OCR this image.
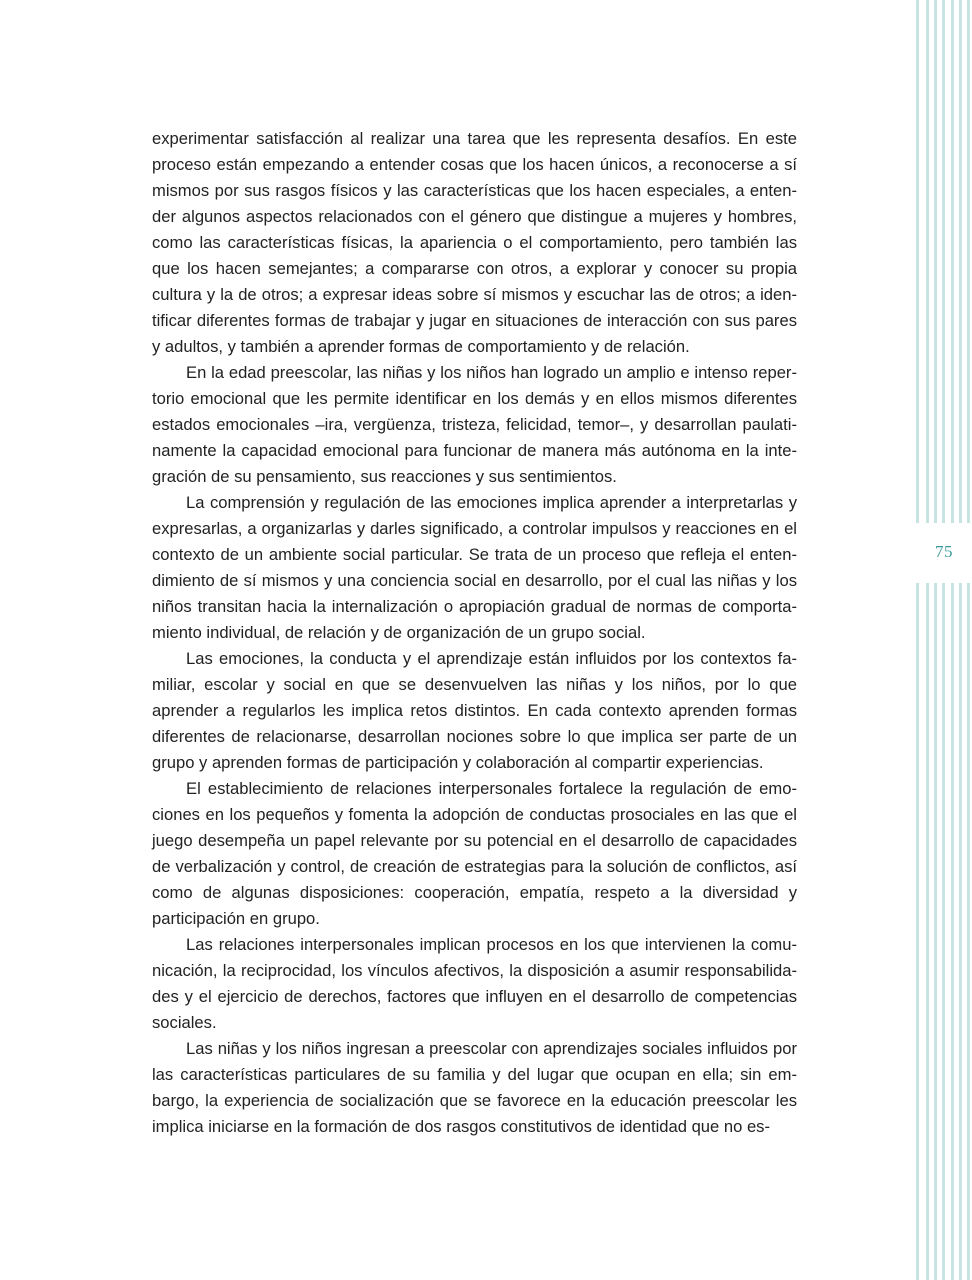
experimentar satisfacción al realizar una tarea que les representa desafíos. En este proceso están empezando a entender cosas que los hacen únicos, a reconocerse a sí mismos por sus rasgos físicos y las características que los hacen especiales, a entender algunos aspectos relacionados con el género que distingue a mujeres y hombres, como las características físicas, la apariencia o el comportamiento, pero también las que los hacen semejantes; a compararse con otros, a explorar y conocer su propia cultura y la de otros; a expresar ideas sobre sí mismos y escuchar las de otros; a identificar diferentes formas de trabajar y jugar en situaciones de interacción con sus pares y adultos, y también a aprender formas de comportamiento y de relación.

En la edad preescolar, las niñas y los niños han logrado un amplio e intenso repertorio emocional que les permite identificar en los demás y en ellos mismos diferentes estados emocionales –ira, vergüenza, tristeza, felicidad, temor–, y desarrollan paulatinamente la capacidad emocional para funcionar de manera más autónoma en la integración de su pensamiento, sus reacciones y sus sentimientos.

La comprensión y regulación de las emociones implica aprender a interpretarlas y expresarlas, a organizarlas y darles significado, a controlar impulsos y reacciones en el contexto de un ambiente social particular. Se trata de un proceso que refleja el entendimiento de sí mismos y una conciencia social en desarrollo, por el cual las niñas y los niños transitan hacia la internalización o apropiación gradual de normas de comportamiento individual, de relación y de organización de un grupo social.

Las emociones, la conducta y el aprendizaje están influidos por los contextos familiar, escolar y social en que se desenvuelven las niñas y los niños, por lo que aprender a regularlos les implica retos distintos. En cada contexto aprenden formas diferentes de relacionarse, desarrollan nociones sobre lo que implica ser parte de un grupo y aprenden formas de participación y colaboración al compartir experiencias.

El establecimiento de relaciones interpersonales fortalece la regulación de emociones en los pequeños y fomenta la adopción de conductas prosociales en las que el juego desempeña un papel relevante por su potencial en el desarrollo de capacidades de verbalización y control, de creación de estrategias para la solución de conflictos, así como de algunas disposiciones: cooperación, empatía, respeto a la diversidad y participación en grupo.

Las relaciones interpersonales implican procesos en los que intervienen la comunicación, la reciprocidad, los vínculos afectivos, la disposición a asumir responsabilidades y el ejercicio de derechos, factores que influyen en el desarrollo de competencias sociales.

Las niñas y los niños ingresan a preescolar con aprendizajes sociales influidos por las características particulares de su familia y del lugar que ocupan en ella; sin embargo, la experiencia de socialización que se favorece en la educación preescolar les implica iniciarse en la formación de dos rasgos constitutivos de identidad que no es-

75
